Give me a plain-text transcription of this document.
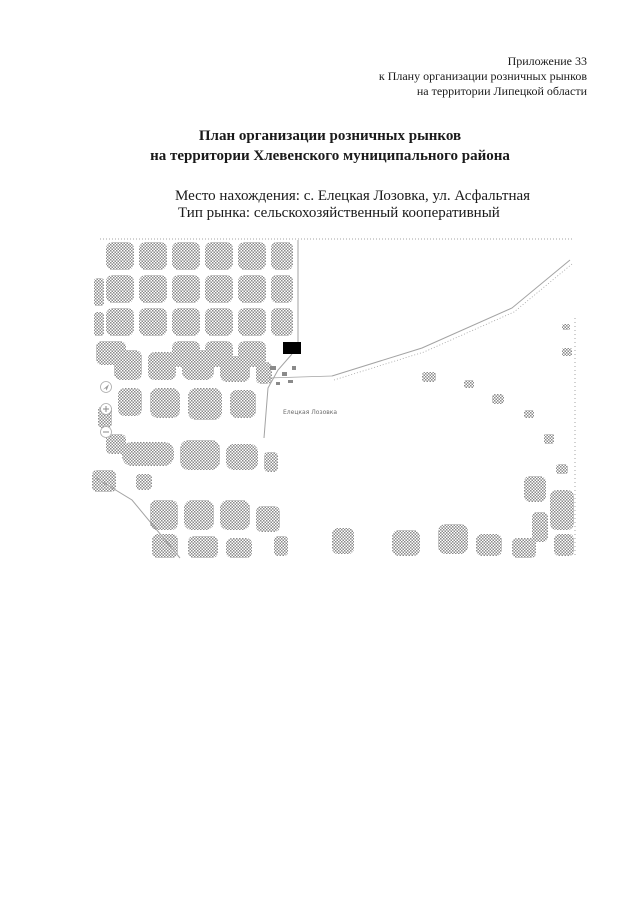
Приложение 33
к Плану организации розничных рынков
на территории Липецкой области
План организации розничных рынков
на территории Хлевенского муниципального района
Место нахождения: с. Елецкая Лозовка, ул. Асфальтная
Тип рынка: сельскохозяйственный кооперативный
Елецкая Лозовка
